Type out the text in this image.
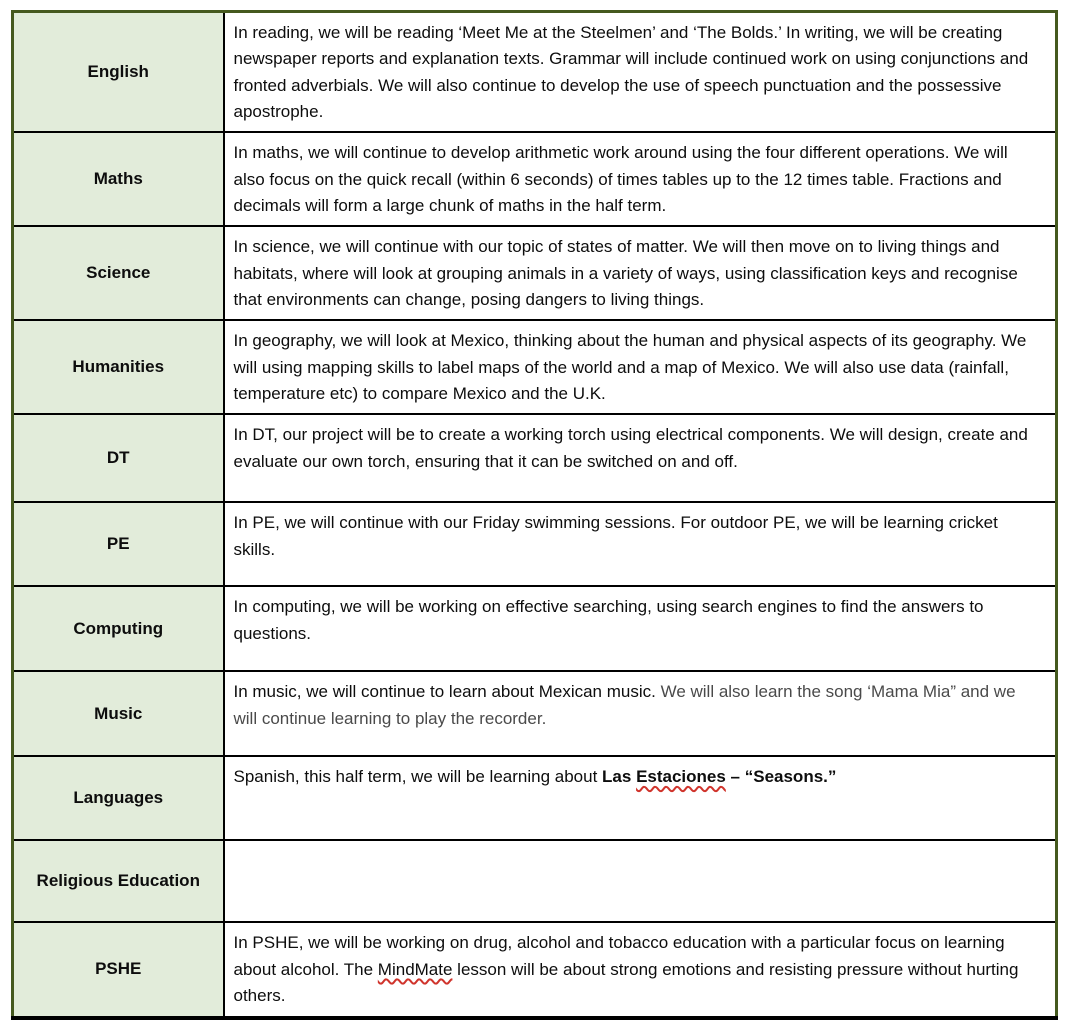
English	In reading, we will be reading ‘Meet Me at the Steelmen’ and ‘The Bolds.’ In writing, we will be creating newspaper reports and explanation texts. Grammar will include continued work on using conjunctions and fronted adverbials. We will also continue to develop the use of speech punctuation and the possessive apostrophe.
Maths	In maths, we will continue to develop arithmetic work around using the four different operations. We will also focus on the quick recall (within 6 seconds) of times tables up to the 12 times table. Fractions and decimals will form a large chunk of maths in the half term.
Science	In science, we will continue with our topic of states of matter. We will then move on to living things and habitats, where will look at grouping animals in a variety of ways, using classification keys and recognise that environments can change, posing dangers to living things.
Humanities	In geography, we will look at Mexico, thinking about the human and physical aspects of its geography. We will using mapping skills to label maps of the world and a map of Mexico. We will also use data (rainfall, temperature etc) to compare Mexico and the U.K.
DT	In DT, our project will be to create a working torch using electrical components. We will design, create and evaluate our own torch, ensuring that it can be switched on and off.
PE	In PE, we will continue with our Friday swimming sessions. For outdoor PE, we will be learning cricket skills.
Computing	In computing, we will be working on effective searching, using search engines to find the answers to questions.
Music	In music, we will continue to learn about Mexican music. We will also learn the song ‘Mama Mia” and we will continue learning to play the recorder.
Languages	Spanish, this half term, we will be learning about Las Estaciones – “Seasons.”
Religious Education	
PSHE	In PSHE, we will be working on drug, alcohol and tobacco education with a particular focus on learning about alcohol. The MindMate lesson will be about strong emotions and resisting pressure without hurting others.
